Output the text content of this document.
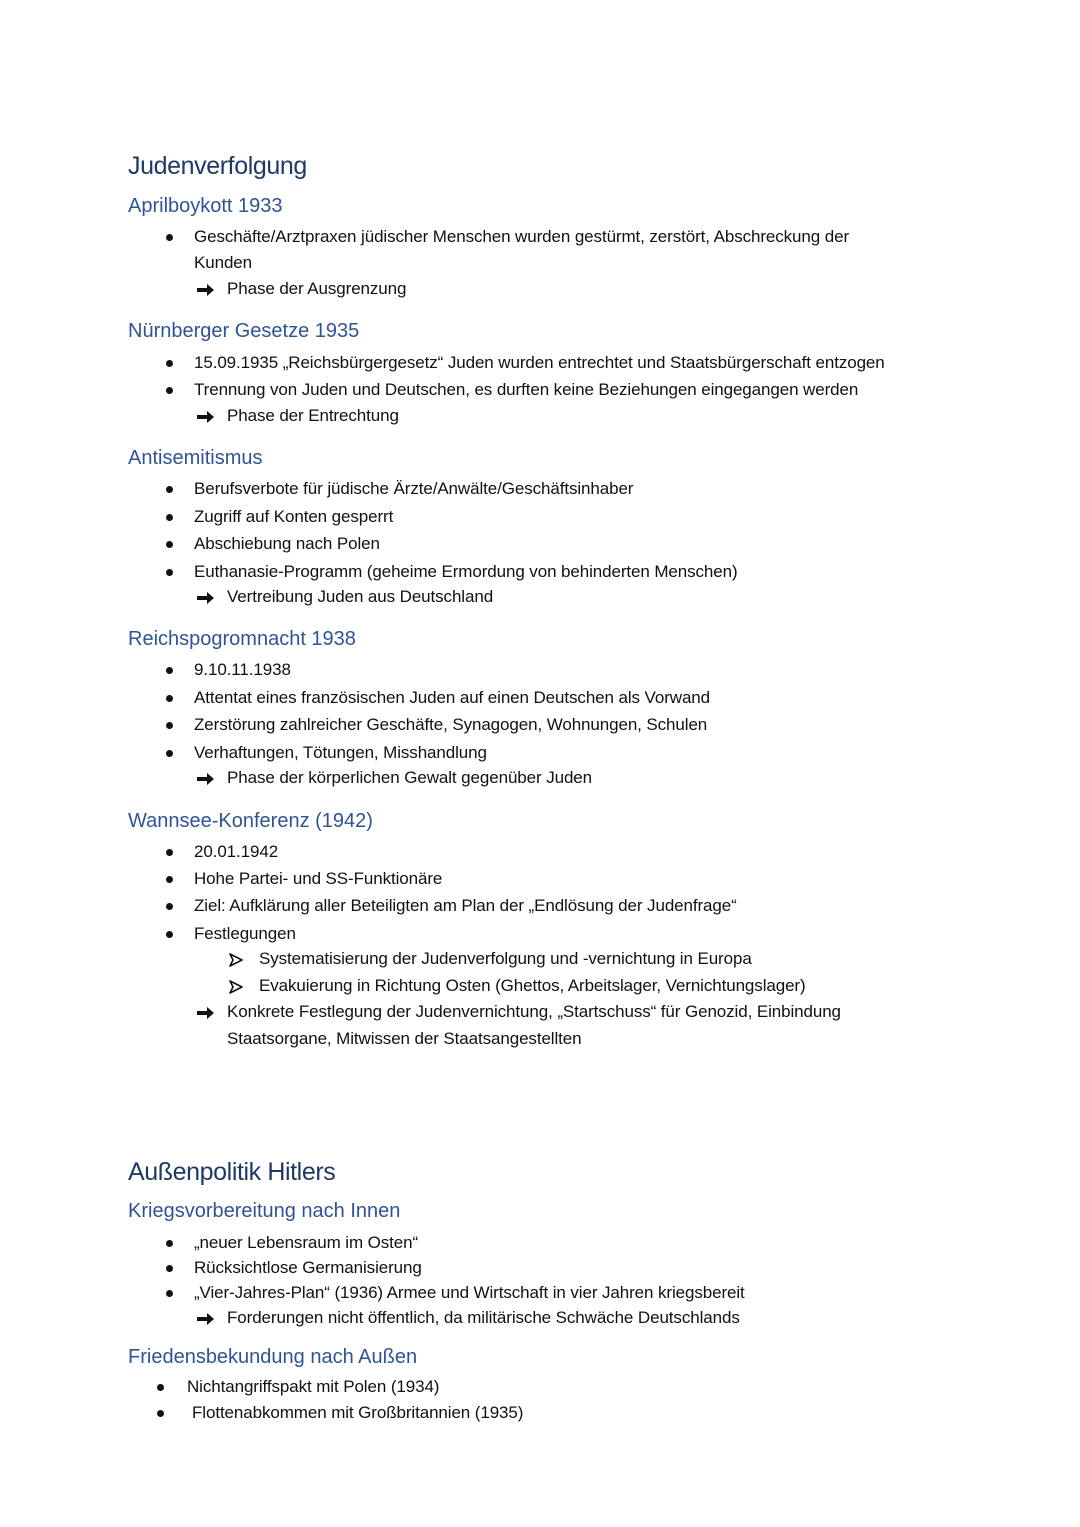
Judenverfolgung
Aprilboykott 1933
Geschäfte/Arztpraxen jüdischer Menschen wurden gestürmt, zerstört, Abschreckung der
Kunden
Phase der Ausgrenzung
Nürnberger Gesetze 1935
15.09.1935 „Reichsbürgergesetz“ Juden wurden entrechtet und Staatsbürgerschaft entzogen
Trennung von Juden und Deutschen, es durften keine Beziehungen eingegangen werden
Phase der Entrechtung
Antisemitismus
Berufsverbote für jüdische Ärzte/Anwälte/Geschäftsinhaber
Zugriff auf Konten gesperrt
Abschiebung nach Polen
Euthanasie-Programm (geheime Ermordung von behinderten Menschen)
Vertreibung Juden aus Deutschland
Reichspogromnacht 1938
9.10.11.1938
Attentat eines französischen Juden auf einen Deutschen als Vorwand
Zerstörung zahlreicher Geschäfte, Synagogen, Wohnungen, Schulen
Verhaftungen, Tötungen, Misshandlung
Phase der körperlichen Gewalt gegenüber Juden
Wannsee-Konferenz (1942)
20.01.1942
Hohe Partei- und SS-Funktionäre
Ziel: Aufklärung aller Beteiligten am Plan der „Endlösung der Judenfrage“
Festlegungen
Systematisierung der Judenverfolgung und -vernichtung in Europa
Evakuierung in Richtung Osten (Ghettos, Arbeitslager, Vernichtungslager)
Konkrete Festlegung der Judenvernichtung, „Startschuss“ für Genozid, Einbindung
Staatsorgane, Mitwissen der Staatsangestellten
Außenpolitik Hitlers
Kriegsvorbereitung nach Innen
„neuer Lebensraum im Osten“
Rücksichtlose Germanisierung
„Vier-Jahres-Plan“ (1936) Armee und Wirtschaft in vier Jahren kriegsbereit
Forderungen nicht öffentlich, da militärische Schwäche Deutschlands
Friedensbekundung nach Außen
Nichtangriffspakt mit Polen (1934)
Flottenabkommen mit Großbritannien (1935)
